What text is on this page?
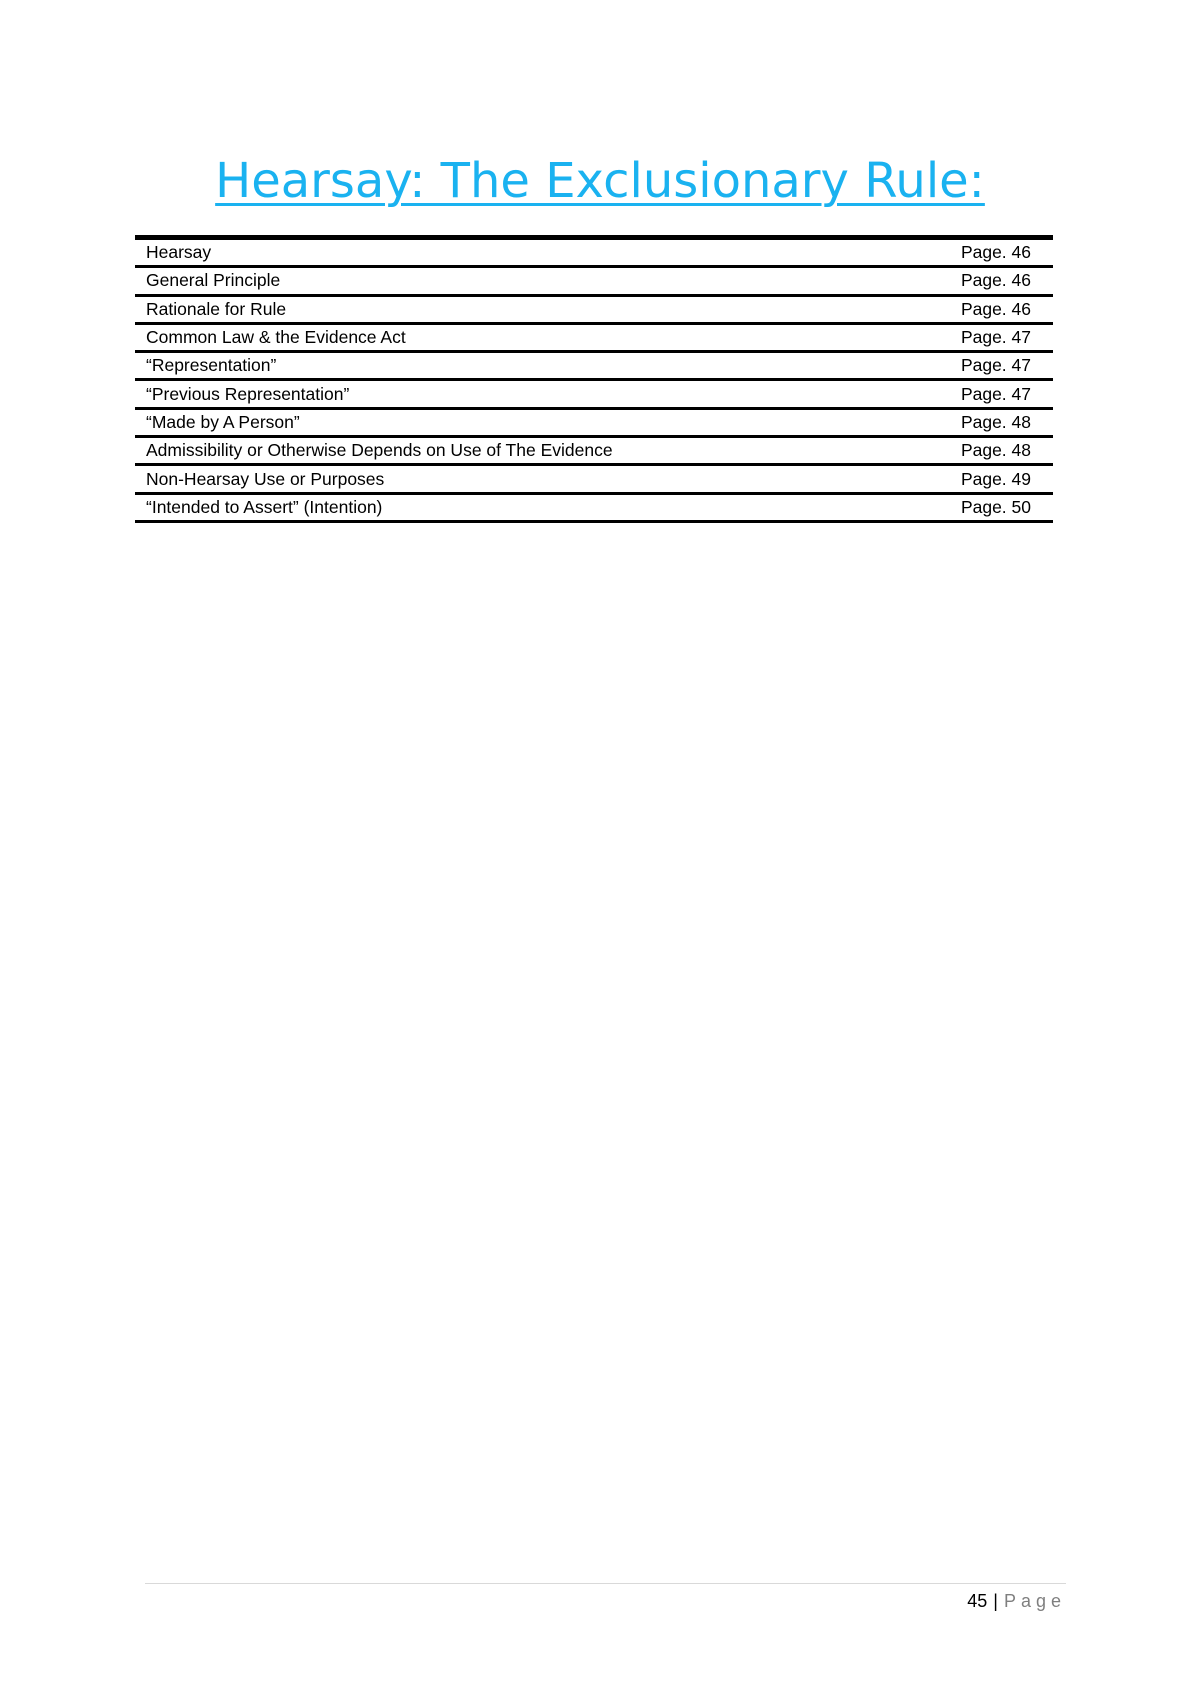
Hearsay: The Exclusionary Rule:
Hearsay	Page. 46
General Principle	Page. 46
Rationale for Rule	Page. 46
Common Law & the Evidence Act	Page. 47
“Representation”	Page. 47
“Previous Representation”	Page. 47
“Made by A Person”	Page. 48
Admissibility or Otherwise Depends on Use of The Evidence	Page. 48
Non-Hearsay Use or Purposes	Page. 49
“Intended to Assert” (Intention)	Page. 50
45 | Page
